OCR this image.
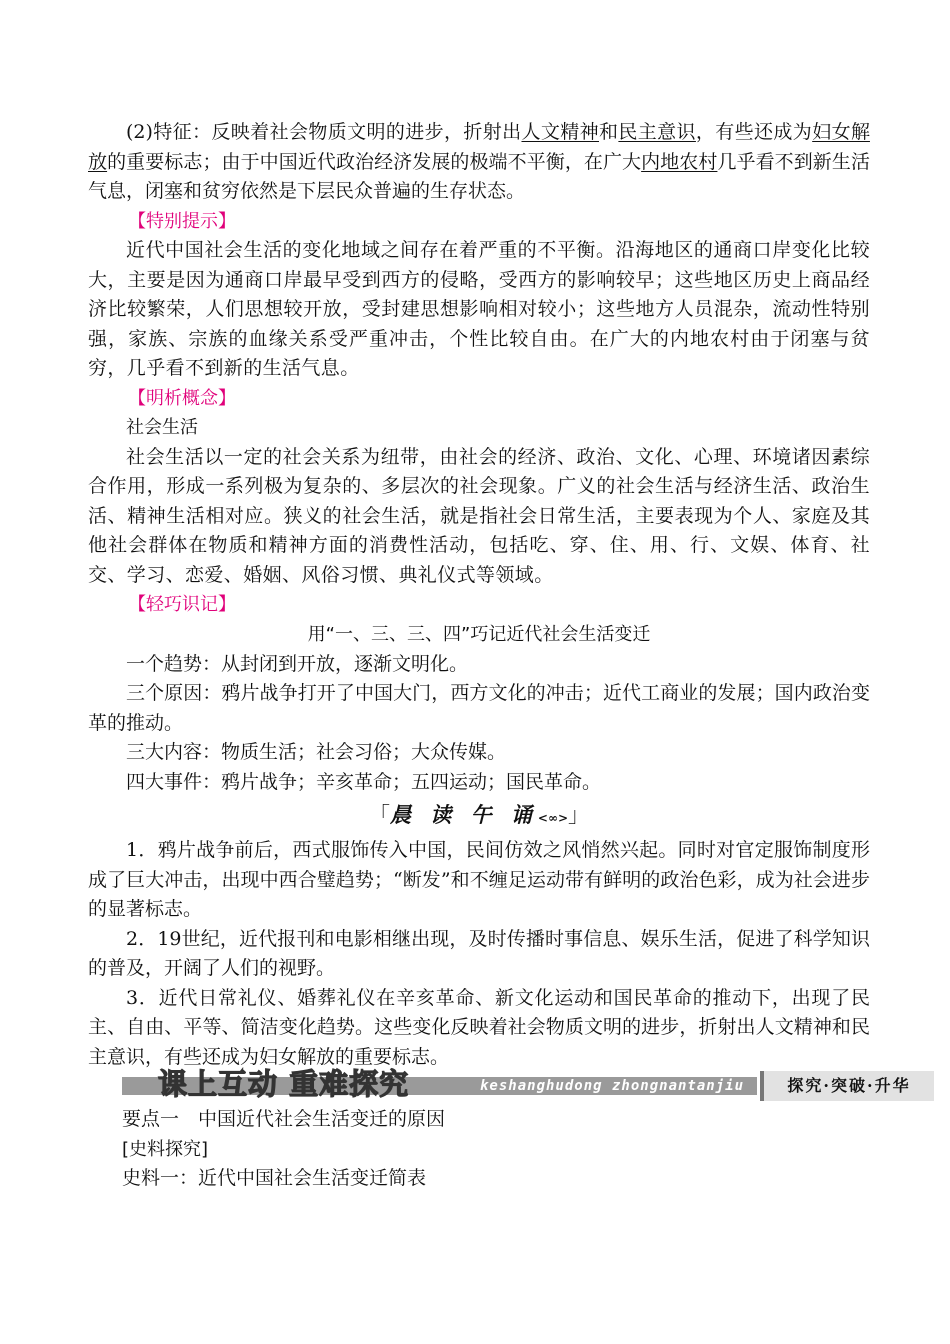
(2)特征：反映着社会物质文明的进步，折射出人文精神和民主意识，有些还成为妇女解放的重要标志；由于中国近代政治经济发展的极端不平衡，在广大内地农村几乎看不到新生活气息，闭塞和贫穷依然是下层民众普遍的生存状态。

【特别提示】

近代中国社会生活的变化地域之间存在着严重的不平衡。沿海地区的通商口岸变化比较大，主要是因为通商口岸最早受到西方的侵略，受西方的影响较早；这些地区历史上商品经济比较繁荣，人们思想较开放，受封建思想影响相对较小；这些地方人员混杂，流动性特别强，家族、宗族的血缘关系受严重冲击，个性比较自由。在广大的内地农村由于闭塞与贫穷，几乎看不到新的生活气息。

【明析概念】
社会生活

社会生活以一定的社会关系为纽带，由社会的经济、政治、文化、心理、环境诸因素综合作用，形成一系列极为复杂的、多层次的社会现象。广义的社会生活与经济生活、政治生活、精神生活相对应。狭义的社会生活，就是指社会日常生活，主要表现为个人、家庭及其他社会群体在物质和精神方面的消费性活动，包括吃、穿、住、用、行、文娱、体育、社交、学习、恋爱、婚姻、风俗习惯、典礼仪式等领域。

【轻巧识记】
用“一、三、三、四”巧记近代社会生活变迁

一个趋势：从封闭到开放，逐渐文明化。

三个原因：鸦片战争打开了中国大门，西方文化的冲击；近代工商业的发展；国内政治变革的推动。

三大内容：物质生活；社会习俗；大众传媒。

四大事件：鸦片战争；辛亥革命；五四运动；国民革命。

「晨 读 午 诵<∞>」

1．鸦片战争前后，西式服饰传入中国，民间仿效之风悄然兴起。同时对官定服饰制度形成了巨大冲击，出现中西合璧趋势；“断发”和不缠足运动带有鲜明的政治色彩，成为社会进步的显著标志。

2．19世纪，近代报刊和电影相继出现，及时传播时事信息、娱乐生活，促进了科学知识的普及，开阔了人们的视野。

3．近代日常礼仪、婚葬礼仪在辛亥革命、新文化运动和国民革命的推动下，出现了民主、自由、平等、简洁变化趋势。这些变化反映着社会物质文明的进步，折射出人文精神和民主意识，有些还成为妇女解放的重要标志。

课上互动 重难探究	keshanghudong zhongnantanjiu	探究·突破·升华

要点一　中国近代社会生活变迁的原因

[史料探究]

史料一：近代中国社会生活变迁简表
